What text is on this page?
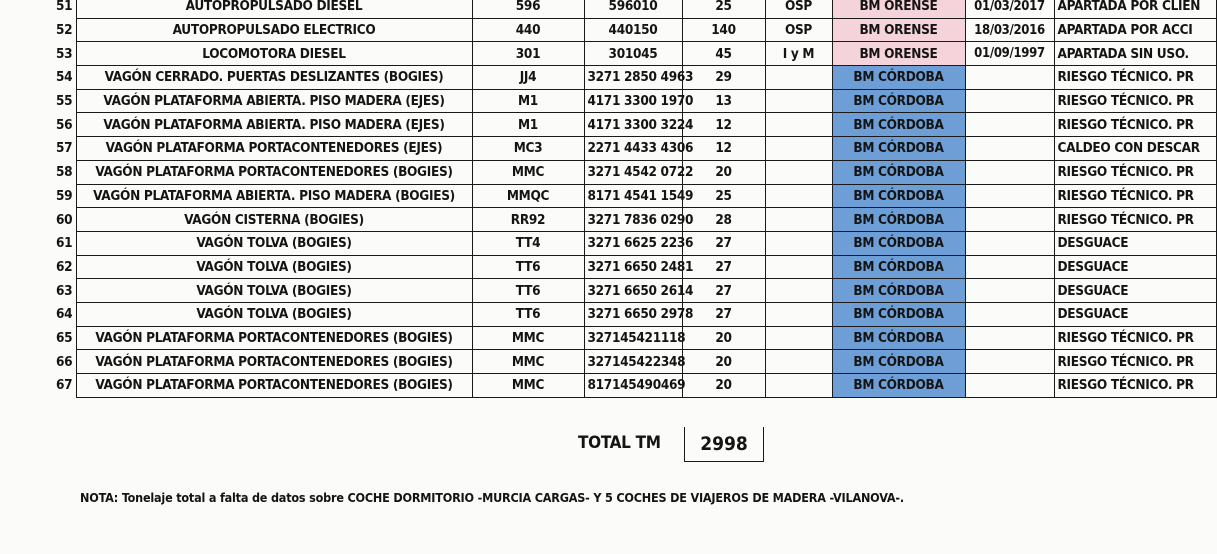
51	AUTOPROPULSADO DIESEL	596	596010	25	OSP	BM ORENSE	01/03/2017	APARTADA POR CLIEN
52	AUTOPROPULSADO ELECTRICO	440	440150	140	OSP	BM ORENSE	18/03/2016	APARTADA POR ACCI
53	LOCOMOTORA DIESEL	301	301045	45	I y M	BM ORENSE	01/09/1997	APARTADA SIN USO.
54	VAGÓN CERRADO. PUERTAS DESLIZANTES (BOGIES)	JJ4	3271 2850 4963	29		BM CÓRDOBA		RIESGO TÉCNICO. PR
55	VAGÓN PLATAFORMA ABIERTA. PISO MADERA (EJES)	M1	4171 3300 1970	13		BM CÓRDOBA		RIESGO TÉCNICO. PR
56	VAGÓN PLATAFORMA ABIERTA. PISO MADERA (EJES)	M1	4171 3300 3224	12		BM CÓRDOBA		RIESGO TÉCNICO. PR
57	VAGÓN PLATAFORMA PORTACONTENEDORES (EJES)	MC3	2271 4433 4306	12		BM CÓRDOBA		CALDEO CON DESCAR
58	VAGÓN PLATAFORMA PORTACONTENEDORES (BOGIES)	MMC	3271 4542 0722	20		BM CÓRDOBA		RIESGO TÉCNICO. PR
59	VAGÓN PLATAFORMA ABIERTA. PISO MADERA (BOGIES)	MMQC	8171 4541 1549	25		BM CÓRDOBA		RIESGO TÉCNICO. PR
60	VAGÓN CISTERNA (BOGIES)	RR92	3271 7836 0290	28		BM CÓRDOBA		RIESGO TÉCNICO. PR
61	VAGÓN TOLVA (BOGIES)	TT4	3271 6625 2236	27		BM CÓRDOBA		DESGUACE
62	VAGÓN TOLVA (BOGIES)	TT6	3271 6650 2481	27		BM CÓRDOBA		DESGUACE
63	VAGÓN TOLVA (BOGIES)	TT6	3271 6650 2614	27		BM CÓRDOBA		DESGUACE
64	VAGÓN TOLVA (BOGIES)	TT6	3271 6650 2978	27		BM CÓRDOBA		DESGUACE
65	VAGÓN PLATAFORMA PORTACONTENEDORES (BOGIES)	MMC	327145421118	20		BM CÓRDOBA		RIESGO TÉCNICO. PR
66	VAGÓN PLATAFORMA PORTACONTENEDORES (BOGIES)	MMC	327145422348	20		BM CÓRDOBA		RIESGO TÉCNICO. PR
67	VAGÓN PLATAFORMA PORTACONTENEDORES (BOGIES)	MMC	817145490469	20		BM CÓRDOBA		RIESGO TÉCNICO. PR
TOTAL TM	2998
NOTA: Tonelaje total a falta de datos sobre COCHE DORMITORIO -MURCIA CARGAS- Y 5 COCHES DE VIAJEROS DE MADERA -VILANOVA-.
